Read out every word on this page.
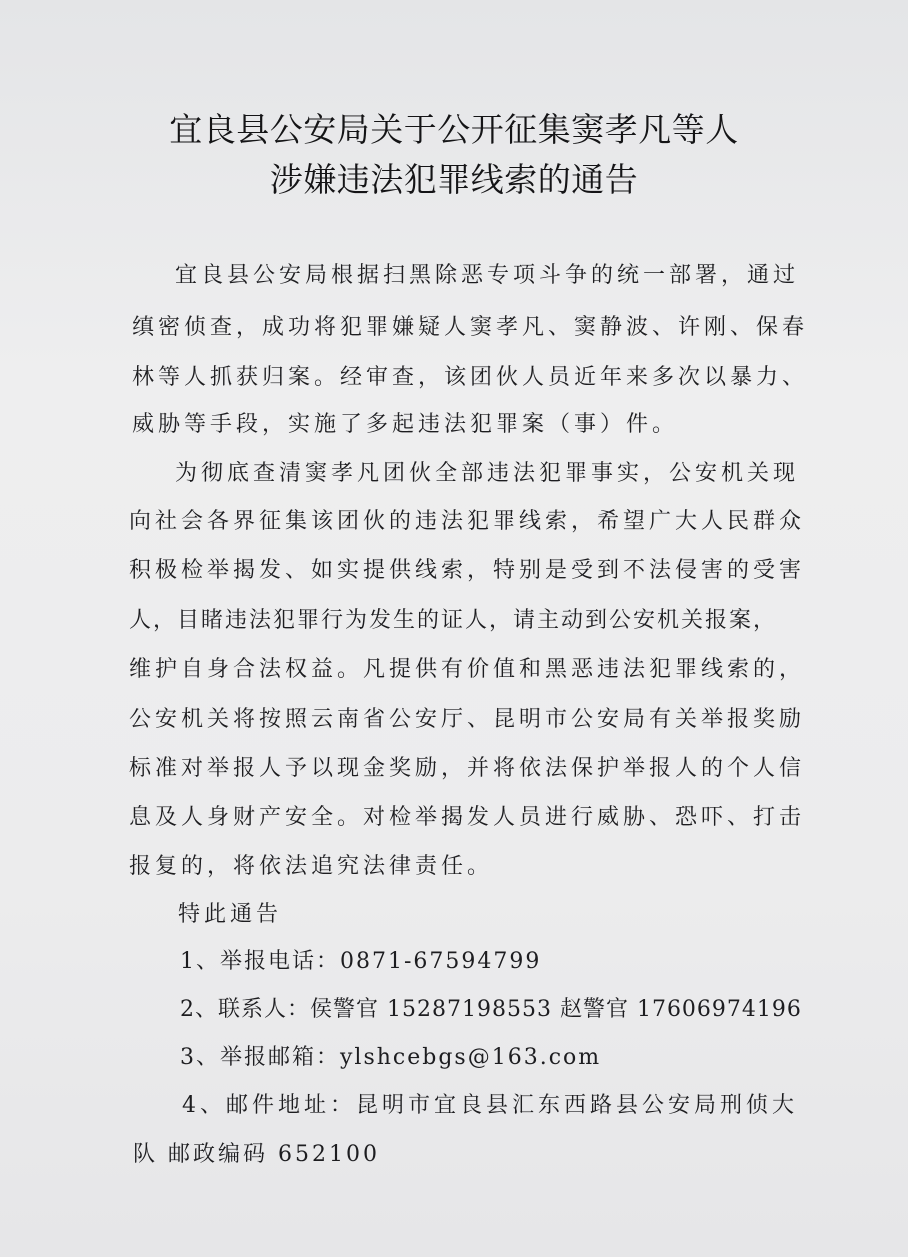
宜良县公安局关于公开征集窦孝凡等人
涉嫌违法犯罪线索的通告
宜良县公安局根据扫黑除恶专项斗争的统一部署，通过
缜密侦查，成功将犯罪嫌疑人窦孝凡、窦静波、许刚、保春
林等人抓获归案。经审查，该团伙人员近年来多次以暴力、
威胁等手段，实施了多起违法犯罪案（事）件。
为彻底查清窦孝凡团伙全部违法犯罪事实，公安机关现
向社会各界征集该团伙的违法犯罪线索，希望广大人民群众
积极检举揭发、如实提供线索，特别是受到不法侵害的受害
人，目睹违法犯罪行为发生的证人，请主动到公安机关报案，
维护自身合法权益。凡提供有价值和黑恶违法犯罪线索的，
公安机关将按照云南省公安厅、昆明市公安局有关举报奖励
标准对举报人予以现金奖励，并将依法保护举报人的个人信
息及人身财产安全。对检举揭发人员进行威胁、恐吓、打击
报复的，将依法追究法律责任。
特此通告
1、举报电话：0871-67594799
2、联系人：侯警官 15287198553 赵警官 17606974196
3、举报邮箱：ylshcebgs@163.com
4、邮件地址：昆明市宜良县汇东西路县公安局刑侦大
队 邮政编码 652100
